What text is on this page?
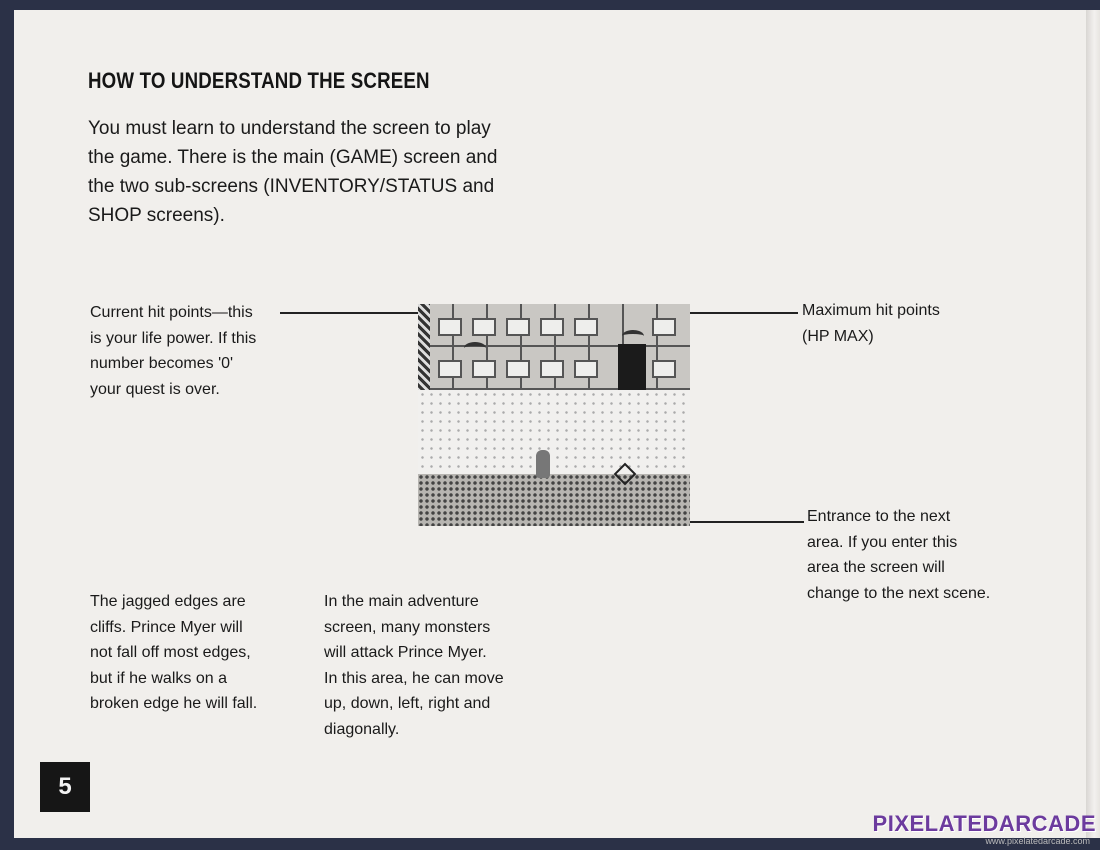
HOW TO UNDERSTAND THE SCREEN
You must learn to understand the screen to play
the game. There is the main (GAME) screen and
the two sub-screens (INVENTORY/STATUS and
SHOP screens).
Current hit points—this
is your life power. If this
number becomes '0'
your quest is over.
Maximum hit points
(HP MAX)
Entrance to the next
area. If you enter this
area the screen will
change to the next scene.
The jagged edges are
cliffs. Prince Myer will
not fall off most edges,
but if he walks on a
broken edge he will fall.
In the main adventure
screen, many monsters
will attack Prince Myer.
In this area, he can move
up, down, left, right and
diagonally.
5
PIXELATEDARCADE
www.pixelatedarcade.com
